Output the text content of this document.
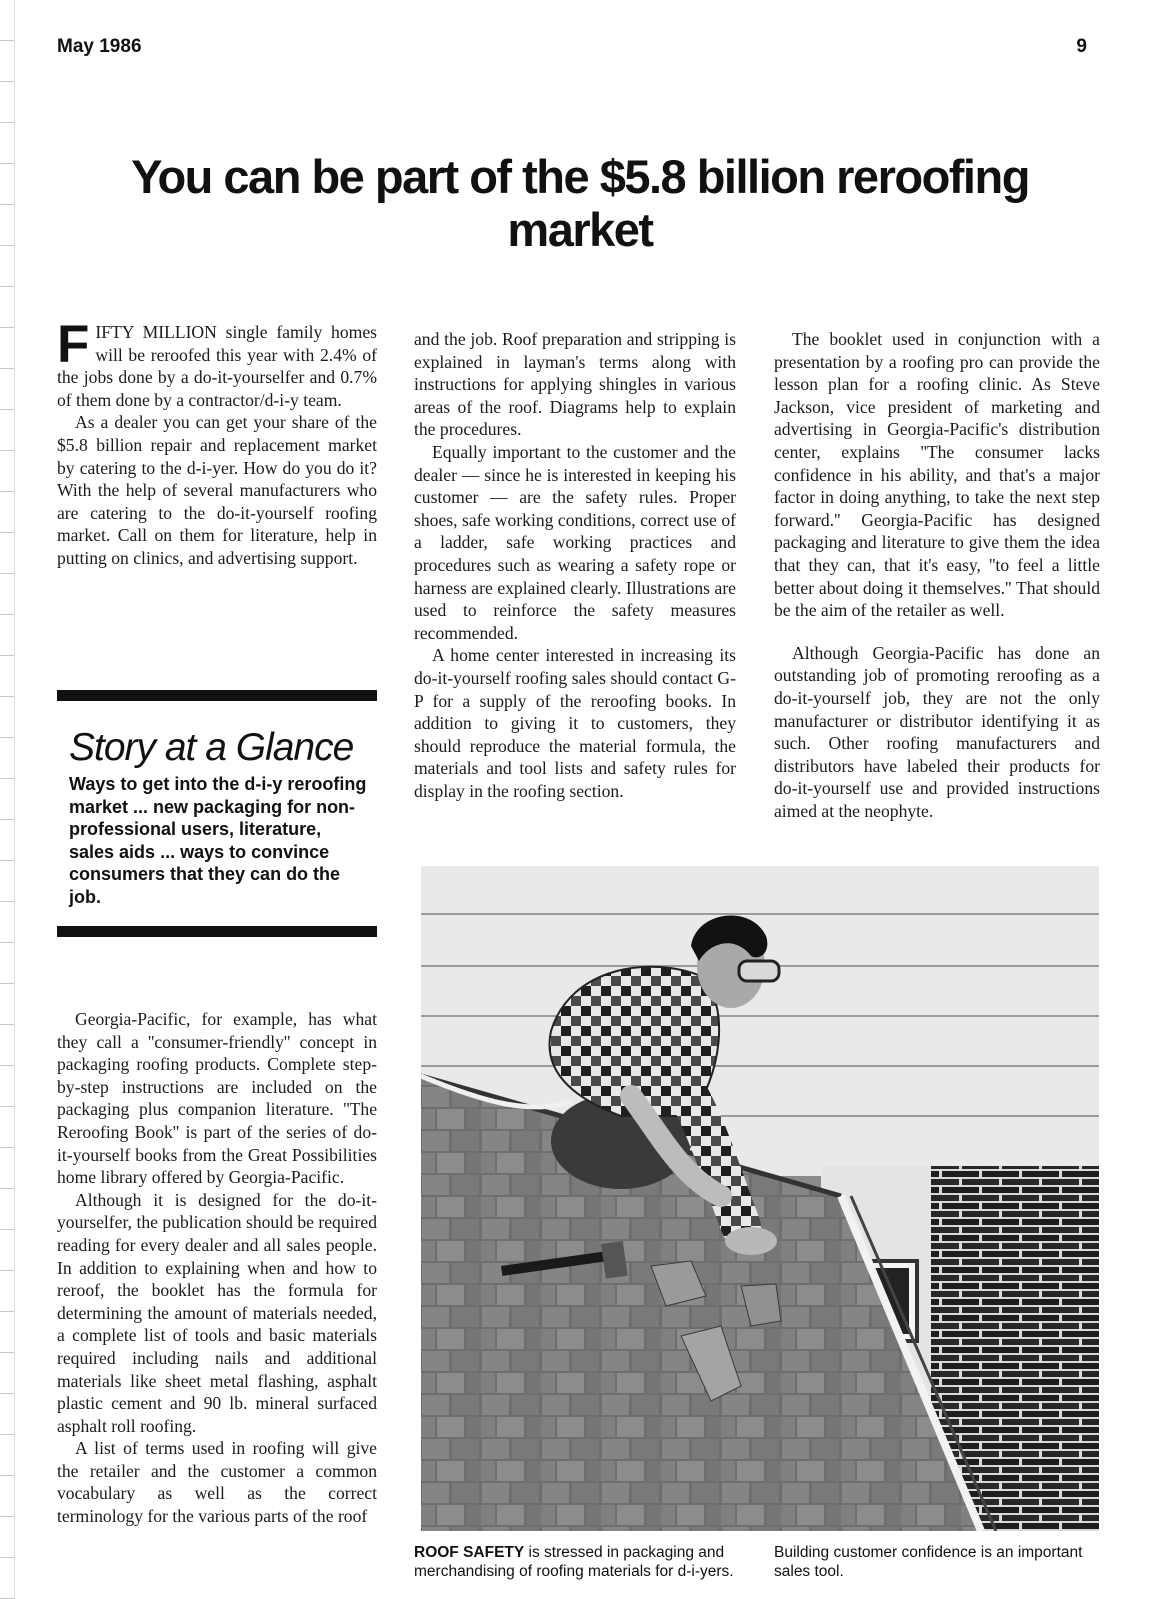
May 1986	9
You can be part of the $5.8 billion reroofing market

FIFTY MILLION single family homes will be reroofed this year with 2.4% of the jobs done by a do-it-yourselfer and 0.7% of them done by a contractor/d-i-y team.

As a dealer you can get your share of the $5.8 billion repair and replacement market by catering to the d-i-yer. How do you do it? With the help of several manufacturers who are catering to the do-it-yourself roofing market. Call on them for literature, help in putting on clinics, and advertising support.

Story at a Glance
Ways to get into the d-i-y reroofing market ... new packaging for non-professional users, literature, sales aids ... ways to convince consumers that they can do the job.

Georgia-Pacific, for example, has what they call a ''consumer-friendly'' concept in packaging roofing products. Complete step-by-step instructions are included on the packaging plus companion literature. ''The Reroofing Book'' is part of the series of do-it-yourself books from the Great Possibilities home library offered by Georgia-Pacific.

Although it is designed for the do-it-yourselfer, the publication should be required reading for every dealer and all sales people. In addition to explaining when and how to reroof, the booklet has the formula for determining the amount of materials needed, a complete list of tools and basic materials required including nails and additional materials like sheet metal flashing, asphalt plastic cement and 90 lb. mineral surfaced asphalt roll roofing.

A list of terms used in roofing will give the retailer and the customer a common vocabulary as well as the correct terminology for the various parts of the roof

and the job. Roof preparation and stripping is explained in layman's terms along with instructions for applying shingles in various areas of the roof. Diagrams help to explain the procedures.

Equally important to the customer and the dealer — since he is interested in keeping his customer — are the safety rules. Proper shoes, safe working conditions, correct use of a ladder, safe working practices and procedures such as wearing a safety rope or harness are explained clearly. Illustrations are used to reinforce the safety measures recommended.

A home center interested in increasing its do-it-yourself roofing sales should contact G-P for a supply of the reroofing books. In addition to giving it to customers, they should reproduce the material formula, the materials and tool lists and safety rules for display in the roofing section.

The booklet used in conjunction with a presentation by a roofing pro can provide the lesson plan for a roofing clinic. As Steve Jackson, vice president of marketing and advertising in Georgia-Pacific's distribution center, explains ''The consumer lacks confidence in his ability, and that's a major factor in doing anything, to take the next step forward.'' Georgia-Pacific has designed packaging and literature to give them the idea that they can, that it's easy, ''to feel a little better about doing it themselves.'' That should be the aim of the retailer as well.

Although Georgia-Pacific has done an outstanding job of promoting reroofing as a do-it-yourself job, they are not the only manufacturer or distributor identifying it as such. Other roofing manufacturers and distributors have labeled their products for do-it-yourself use and provided instructions aimed at the neophyte.

ROOF SAFETY is stressed in packaging and merchandising of roofing materials for d-i-yers.
Building customer confidence is an important sales tool.
